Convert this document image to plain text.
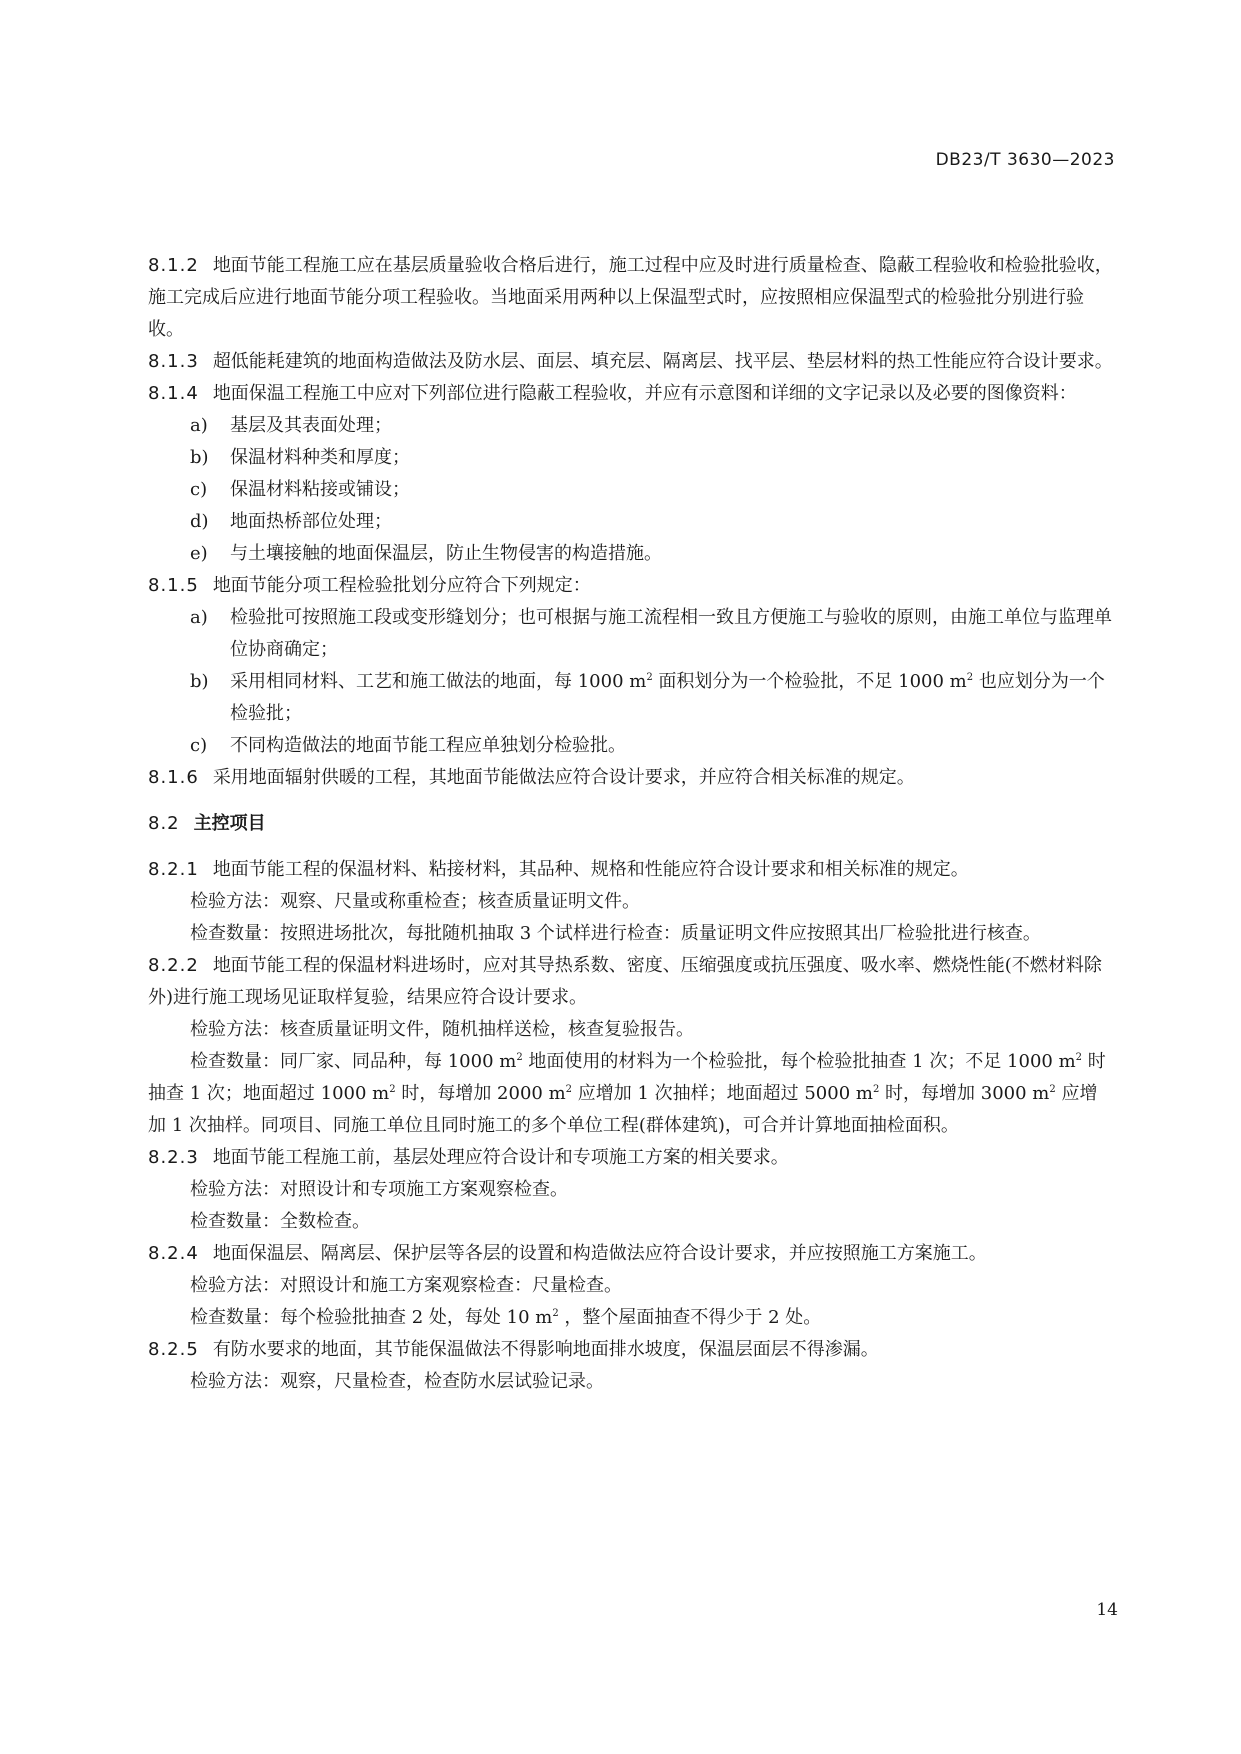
DB23/T 3630—2023

8.1.2 地面节能工程施工应在基层质量验收合格后进行，施工过程中应及时进行质量检查、隐蔽工程验收和检验批验收，施工完成后应进行地面节能分项工程验收。当地面采用两种以上保温型式时，应按照相应保温型式的检验批分别进行验收。

8.1.3 超低能耗建筑的地面构造做法及防水层、面层、填充层、隔离层、找平层、垫层材料的热工性能应符合设计要求。

8.1.4 地面保温工程施工中应对下列部位进行隐蔽工程验收，并应有示意图和详细的文字记录以及必要的图像资料：

a) 基层及其表面处理；

b) 保温材料种类和厚度；

c) 保温材料粘接或铺设；

d) 地面热桥部位处理；

e) 与土壤接触的地面保温层，防止生物侵害的构造措施。

8.1.5 地面节能分项工程检验批划分应符合下列规定：

a) 检验批可按照施工段或变形缝划分；也可根据与施工流程相一致且方便施工与验收的原则，由施工单位与监理单位协商确定；

b) 采用相同材料、工艺和施工做法的地面，每 1000 $m^2$ 面积划分为一个检验批，不足 1000 $m^2$ 也应划分为一个检验批；

c) 不同构造做法的地面节能工程应单独划分检验批。

8.1.6 采用地面辐射供暖的工程，其地面节能做法应符合设计要求，并应符合相关标准的规定。

8.2 主控项目

8.2.1 地面节能工程的保温材料、粘接材料，其品种、规格和性能应符合设计要求和相关标准的规定。

检验方法：观察、尺量或称重检查；核查质量证明文件。

检查数量：按照进场批次，每批随机抽取 3 个试样进行检查：质量证明文件应按照其出厂检验批进行核查。

8.2.2 地面节能工程的保温材料进场时，应对其导热系数、密度、压缩强度或抗压强度、吸水率、燃烧性能(不燃材料除外)进行施工现场见证取样复验，结果应符合设计要求。

检验方法：核查质量证明文件，随机抽样送检，核查复验报告。

检查数量：同厂家、同品种，每 1000 $m^2$ 地面使用的材料为一个检验批，每个检验批抽查 1 次；不足 1000 $m^2$ 时抽查 1 次；地面超过 1000 $m^2$ 时，每增加 2000 $m^2$ 应增加 1 次抽样；地面超过 5000 $m^2$ 时，每增加 3000 $m^2$ 应增加 1 次抽样。同项目、同施工单位且同时施工的多个单位工程(群体建筑)，可合并计算地面抽检面积。

8.2.3 地面节能工程施工前，基层处理应符合设计和专项施工方案的相关要求。

检验方法：对照设计和专项施工方案观察检查。

检查数量：全数检查。

8.2.4 地面保温层、隔离层、保护层等各层的设置和构造做法应符合设计要求，并应按照施工方案施工。

检验方法：对照设计和施工方案观察检查：尺量检查。

检查数量：每个检验批抽查 2 处，每处 10 $m^2$ ，整个屋面抽查不得少于 2 处。

8.2.5 有防水要求的地面，其节能保温做法不得影响地面排水坡度，保温层面层不得渗漏。

检验方法：观察，尺量检查，检查防水层试验记录。

14
